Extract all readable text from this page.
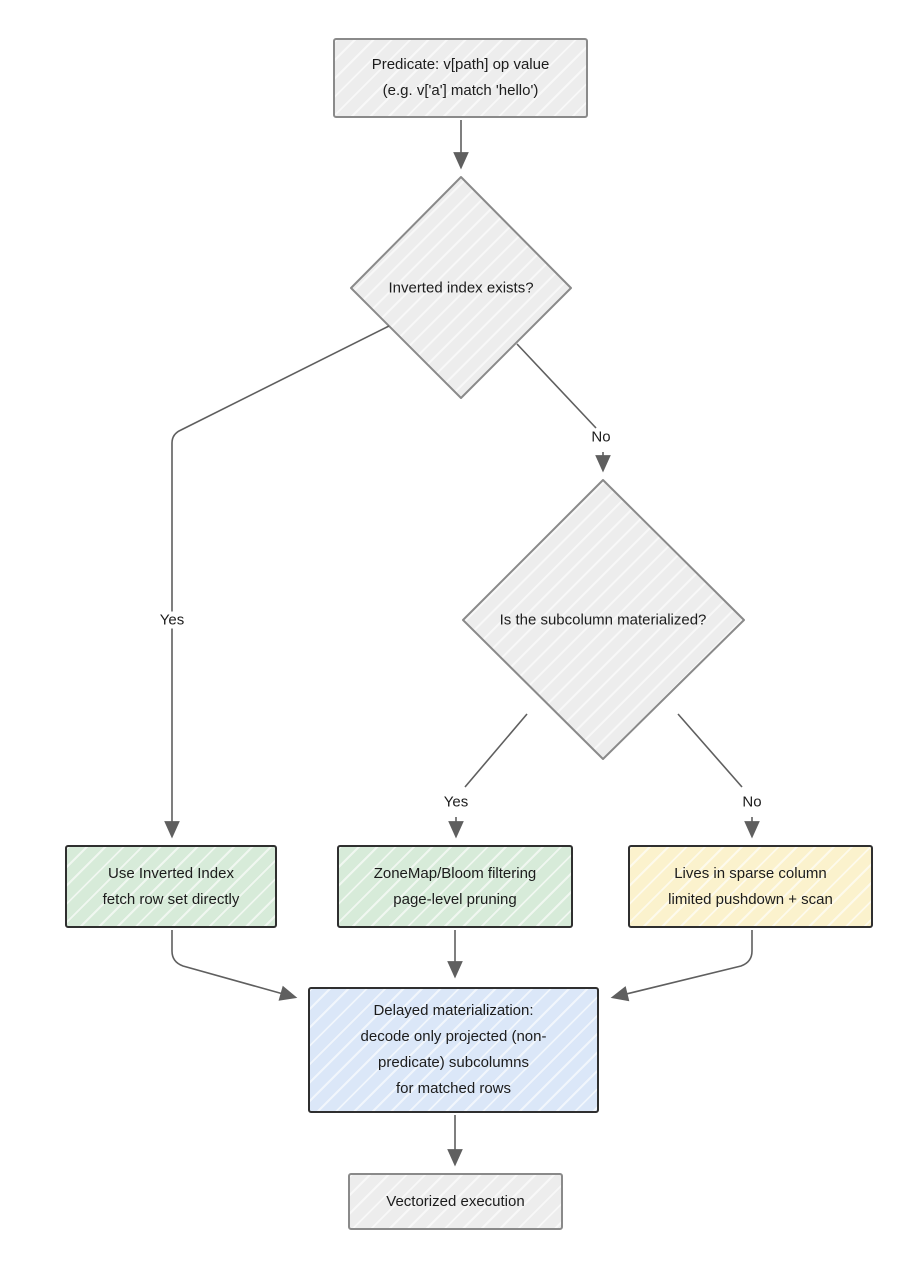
Predicate: v[path] op value
(e.g. v['a'] match 'hello')
Use Inverted Index
fetch row set directly
ZoneMap/Bloom filtering
page-level pruning
Lives in sparse column
limited pushdown + scan
Delayed materialization:
decode only projected (non-
predicate) subcolumns
for matched rows
Vectorized execution
Inverted index exists?
Is the subcolumn materialized?
Yes
No
Yes	No
